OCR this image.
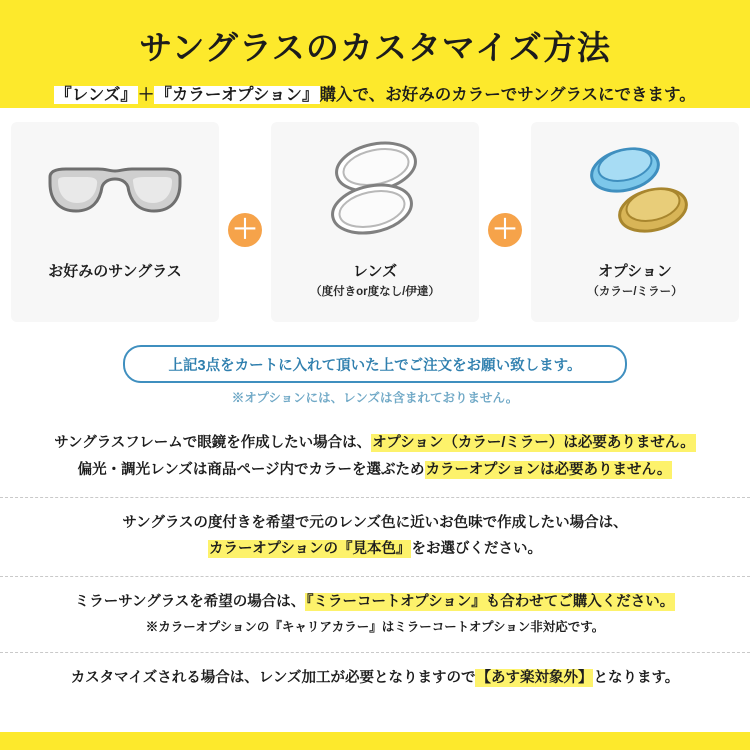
サングラスのカスタマイズ方法
『レンズ』＋『カラーオプション』購入で、お好みのカラーでサングラスにできます。
お好みのサングラス
＋
レンズ
（度付きor度なし/伊達）
＋
オプション
（カラー/ミラー）
上記3点をカートに入れて頂いた上でご注文をお願い致します。
※オプションには、レンズは含まれておりません。
サングラスフレームで眼鏡を作成したい場合は、オプション（カラー/ミラー）は必要ありません。
偏光・調光レンズは商品ページ内でカラーを選ぶためカラーオプションは必要ありません。
サングラスの度付きを希望で元のレンズ色に近いお色味で作成したい場合は、
カラーオプションの『見本色』をお選びください。
ミラーサングラスを希望の場合は、『ミラーコートオプション』も合わせてご購入ください。
※カラーオプションの『キャリアカラー』はミラーコートオプション非対応です。
カスタマイズされる場合は、レンズ加工が必要となりますので【あす楽対象外】となります。
